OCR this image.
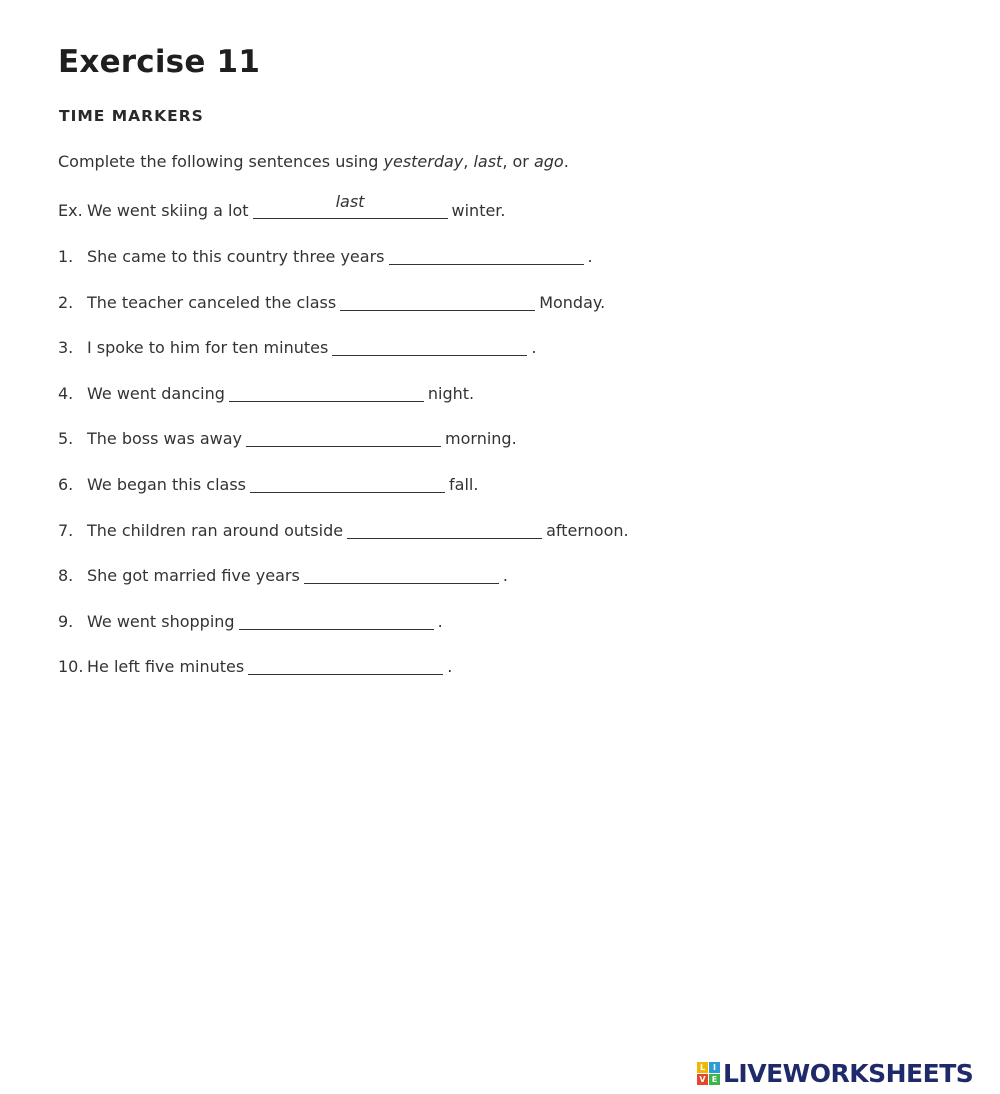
Exercise 11
TIME MARKERS
Complete the following sentences using yesterday, last, or ago.
Ex. We went skiing a lot	last	winter.
1. She came to this country three years	.
2. The teacher canceled the class	Monday.
3. I spoke to him for ten minutes	.
4. We went dancing	night.
5. The boss was away	morning.
6. We began this class	fall.
7. The children ran around outside	afternoon.
8. She got married five years	.
9. We went shopping	.
10. He left five minutes	.
L I
V E LIVEWORKSHEETS
